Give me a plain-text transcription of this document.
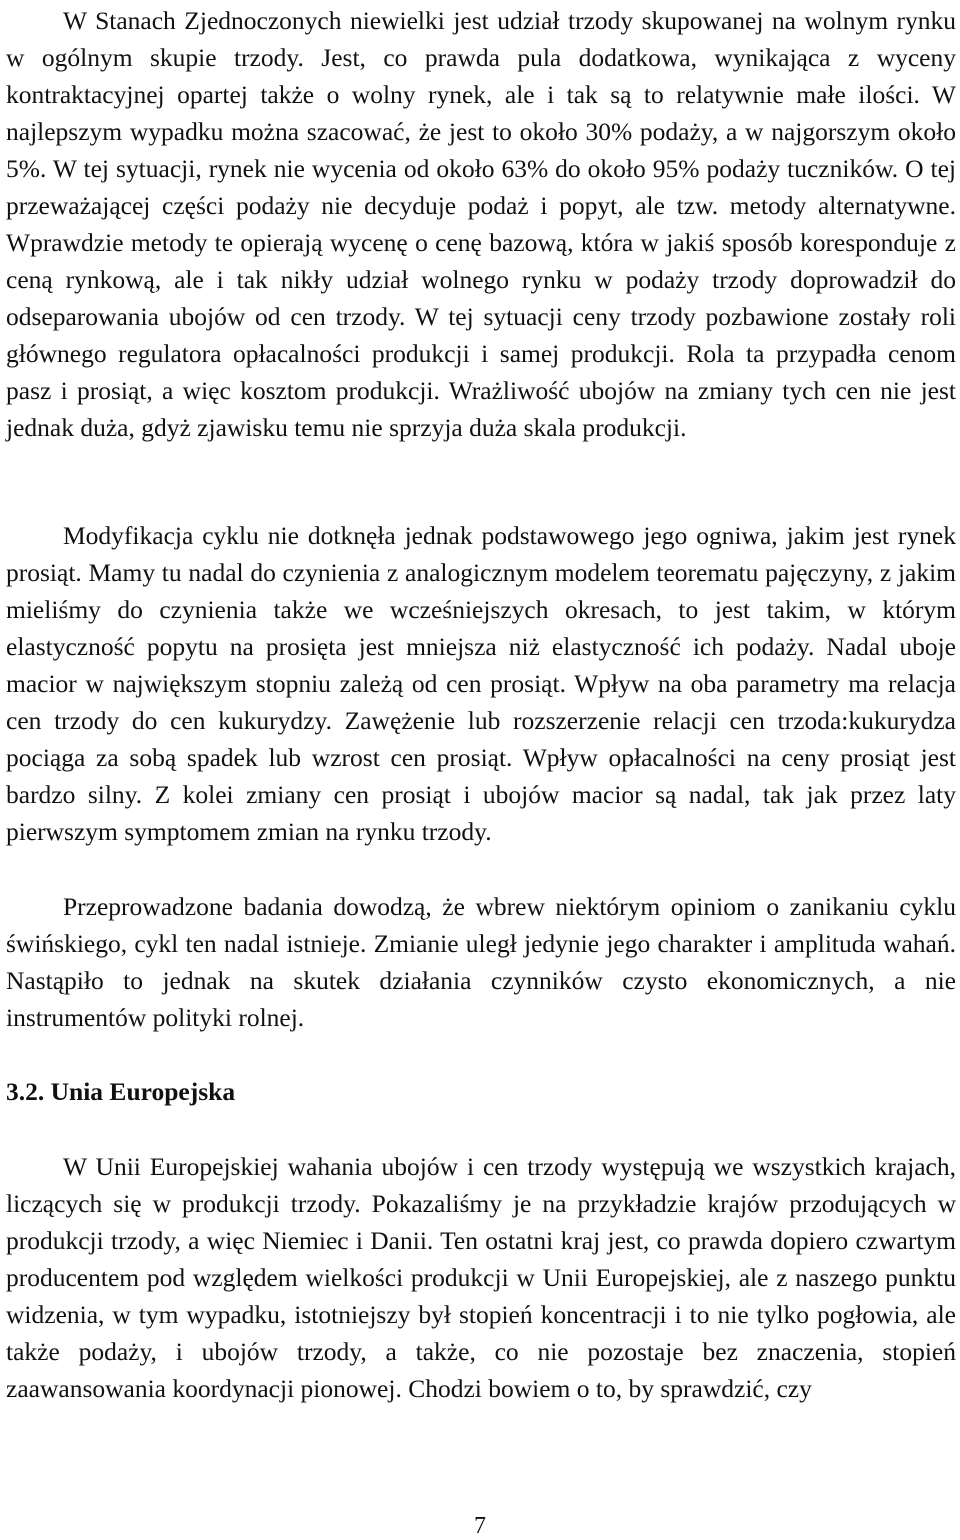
W Stanach Zjednoczonych niewielki jest udział trzody skupowanej na wolnym rynku w ogólnym skupie trzody. Jest, co prawda pula dodatkowa, wynikająca z wyceny kontraktacyjnej opartej także o wolny rynek, ale i tak są to relatywnie małe ilości. W najlepszym wypadku można szacować, że jest to około 30% podaży, a w najgorszym około 5%. W tej sytuacji, rynek nie wycenia od około 63% do około 95% podaży tuczników. O tej przeważającej części podaży nie decyduje podaż i popyt, ale tzw. metody alternatywne. Wprawdzie metody te opierają wycenę o cenę bazową, która w jakiś sposób koresponduje z ceną rynkową, ale i tak nikły udział wolnego rynku w podaży trzody doprowadził do odseparowania ubojów od cen trzody. W tej sytuacji ceny trzody pozbawione zostały roli głównego regulatora opłacalności produkcji i samej produkcji. Rola ta przypadła cenom pasz i prosiąt, a więc kosztom produkcji. Wrażliwość ubojów na zmiany tych cen nie jest jednak duża, gdyż zjawisku temu nie sprzyja duża skala produkcji.

Modyfikacja cyklu nie dotknęła jednak podstawowego jego ogniwa, jakim jest rynek prosiąt. Mamy tu nadal do czynienia z analogicznym modelem teorematu pajęczyny, z jakim mieliśmy do czynienia także we wcześniejszych okresach, to jest takim, w którym elastyczność popytu na prosięta jest mniejsza niż elastyczność ich podaży. Nadal uboje macior w największym stopniu zależą od cen prosiąt. Wpływ na oba parametry ma relacja cen trzody do cen kukurydzy. Zawężenie lub rozszerzenie relacji cen trzoda:kukurydza pociąga za sobą spadek lub wzrost cen prosiąt. Wpływ opłacalności na ceny prosiąt jest bardzo silny. Z kolei zmiany cen prosiąt i ubojów macior są nadal, tak jak przez laty pierwszym symptomem zmian na rynku trzody.

Przeprowadzone badania dowodzą, że wbrew niektórym opiniom o zanikaniu cyklu świńskiego, cykl ten nadal istnieje. Zmianie uległ jedynie jego charakter i amplituda wahań. Nastąpiło to jednak na skutek działania czynników czysto ekonomicznych, a nie instrumentów polityki rolnej.

3.2. Unia Europejska

W Unii Europejskiej wahania ubojów i cen trzody występują we wszystkich krajach, liczących się w produkcji trzody. Pokazaliśmy je na przykładzie krajów przodujących w produkcji trzody, a więc Niemiec i Danii. Ten ostatni kraj jest, co prawda dopiero czwartym producentem pod względem wielkości produkcji w Unii Europejskiej, ale z naszego punktu widzenia, w tym wypadku, istotniejszy był stopień koncentracji i to nie tylko pogłowia, ale także podaży, i ubojów trzody, a także, co nie pozostaje bez znaczenia, stopień zaawansowania koordynacji pionowej. Chodzi bowiem o to, by sprawdzić, czy

7
